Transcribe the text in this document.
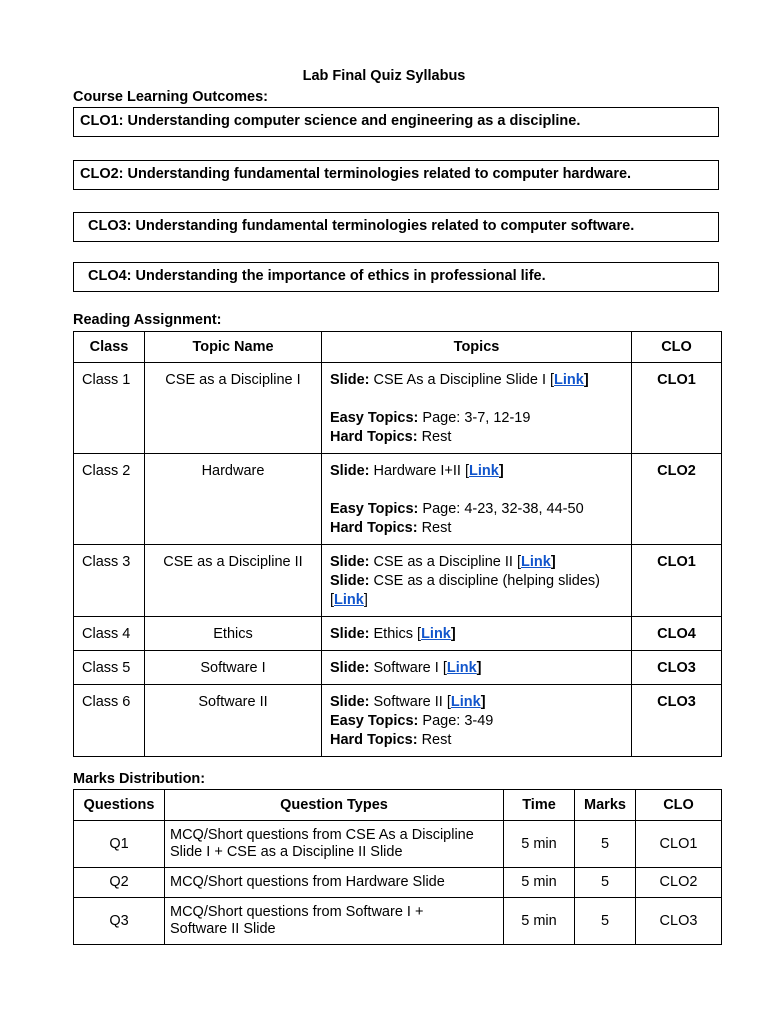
Lab Final Quiz Syllabus
Course Learning Outcomes:
CLO1: Understanding computer science and engineering as a discipline.
CLO2: Understanding fundamental terminologies related to computer hardware.
CLO3: Understanding fundamental terminologies related to computer software.
CLO4: Understanding the importance of ethics in professional life.
Reading Assignment:
Class	Topic Name	Topics	CLO
Class 1	CSE as a Discipline I	Slide: CSE As a Discipline Slide I [Link]
Easy Topics: Page: 3-7, 12-19
Hard Topics: Rest	CLO1
Class 2	Hardware	Slide: Hardware I+II [Link]
Easy Topics: Page: 4-23, 32-38, 44-50
Hard Topics: Rest	CLO2
Class 3	CSE as a Discipline II	Slide: CSE as a Discipline II [Link]
Slide: CSE as a discipline (helping slides)
[Link]	CLO1
Class 4	Ethics	Slide: Ethics [Link]	CLO4
Class 5	Software I	Slide: Software I [Link]	CLO3
Class 6	Software II	Slide: Software II [Link]
Easy Topics: Page: 3-49
Hard Topics: Rest	CLO3
Marks Distribution:
Questions	Question Types	Time	Marks	CLO
Q1	MCQ/Short questions from CSE As a Discipline
Slide I + CSE as a Discipline II Slide	5 min	5	CLO1
Q2	MCQ/Short questions from Hardware Slide	5 min	5	CLO2
Q3	MCQ/Short questions from Software I +
Software II Slide	5 min	5	CLO3
